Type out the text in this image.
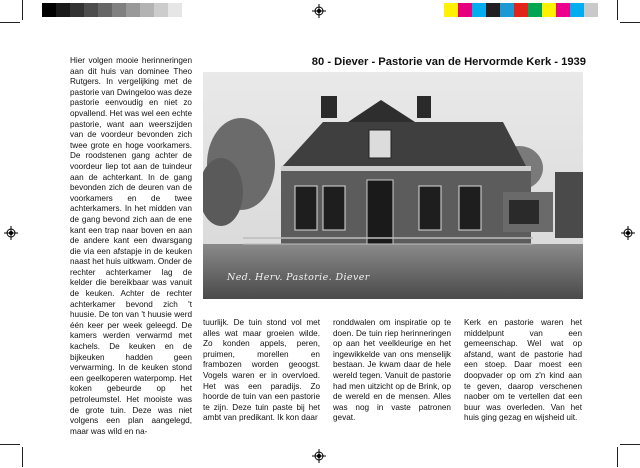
80 - Diever - Pastorie van de Hervormde Kerk - 1939
Ned. Herv. Pastorie. Diever

Hier volgen mooie herinneringen aan dit huis van dominee Theo Rutgers. In vergelijking met de pastorie van Dwingeloo was deze pastorie eenvoudig en niet zo opvallend. Het was wel een echte pastorie, want aan weerszijden van de voordeur bevonden zich twee grote en hoge voorkamers. De roodstenen gang achter de voordeur liep tot aan de tuindeur aan de achterkant. In de gang bevonden zich de deuren van de voorkamers en de twee achterkamers. In het midden van de gang bevond zich aan de ene kant een trap naar boven en aan de andere kant een dwarsgang die via een afstapje in de keuken naast het huis uitkwam. Onder de rechter achterkamer lag de kelder die bereikbaar was vanuit de keuken. Achter de rechter achterkamer bevond zich 't huusie. De ton van 't huusie werd één keer per week geleegd. De kamers werden verwarmd met kachels. De keuken en de bijkeuken hadden geen verwarming. In de keuken stond een geelkoperen waterpomp. Het koken gebeurde op het petroleumstel. Het mooiste was de grote tuin. Deze was niet volgens een plan aangelegd, maar was wild en na-

tuurlijk. De tuin stond vol met alles wat maar groeien wilde. Zo konden appels, peren, pruimen, morellen en frambozen worden geoogst. Vogels waren er in overvloed. Het was een paradijs. Zo hoorde de tuin van een pastorie te zijn. Deze tuin paste bij het ambt van predikant. Ik kon daar

ronddwalen om inspiratie op te doen. De tuin riep herinneringen op aan het veelkleurige en het ingewikkelde van ons menselijk bestaan. Je kwam daar de hele wereld tegen. Vanuit de pastorie had men uitzicht op de Brink, op de wereld en de mensen. Alles was nog in vaste patronen gevat.

Kerk en pastorie waren het middelpunt van een gemeenschap. Wel wat op afstand, want de pastorie had een stoep. Daar moest een doopvader op om z'n kind aan te geven, daarop verschenen naober om te vertellen dat een buur was overleden. Van het huis ging gezag en wijsheid uit.
